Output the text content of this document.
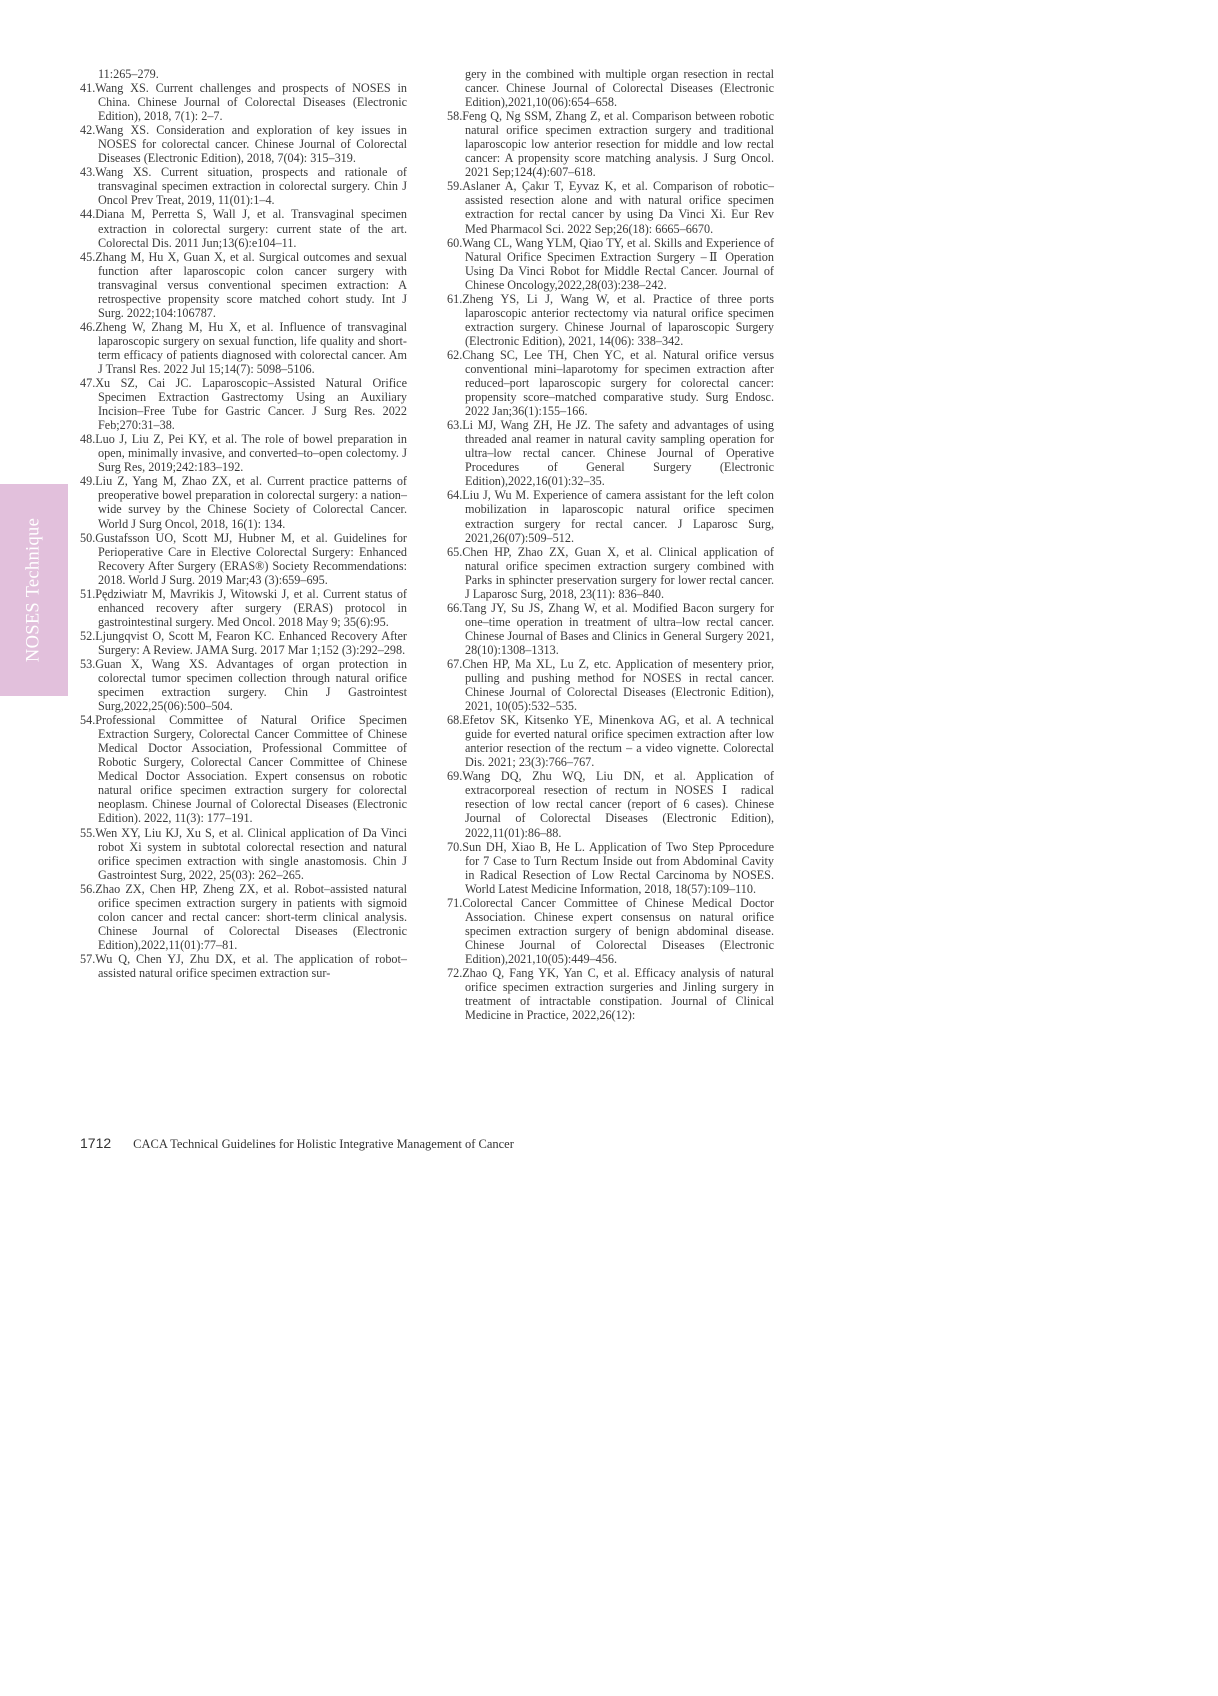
NOSES Technique

11:265–279.

41.Wang XS. Current challenges and prospects of NOSES in China. Chinese Journal of Colorectal Diseases (Electronic Edition), 2018, 7(1): 2–7.

42.Wang XS. Consideration and exploration of key issues in NOSES for colorectal cancer. Chinese Journal of Colorectal Diseases (Electronic Edition), 2018, 7(04): 315–319.

43.Wang XS. Current situation, prospects and rationale of transvaginal specimen extraction in colorectal surgery. Chin J Oncol Prev Treat, 2019, 11(01):1–4.

44.Diana M, Perretta S, Wall J, et al. Transvaginal specimen extraction in colorectal surgery: current state of the art. Colorectal Dis. 2011 Jun;13(6):e104–11.

45.Zhang M, Hu X, Guan X, et al. Surgical outcomes and sexual function after laparoscopic colon cancer surgery with transvaginal versus conventional specimen extraction: A retrospective propensity score matched cohort study. Int J Surg. 2022;104:106787.

46.Zheng W, Zhang M, Hu X, et al. Influence of transvaginal laparoscopic surgery on sexual function, life quality and short-term efficacy of patients diagnosed with colorectal cancer. Am J Transl Res. 2022 Jul 15;14(7): 5098–5106.

47.Xu SZ, Cai JC. Laparoscopic–Assisted Natural Orifice Specimen Extraction Gastrectomy Using an Auxiliary Incision–Free Tube for Gastric Cancer. J Surg Res. 2022 Feb;270:31–38.

48.Luo J, Liu Z, Pei KY, et al. The role of bowel preparation in open, minimally invasive, and converted–to–open colectomy. J Surg Res, 2019;242:183–192.

49.Liu Z, Yang M, Zhao ZX, et al. Current practice patterns of preoperative bowel preparation in colorectal surgery: a nation–wide survey by the Chinese Society of Colorectal Cancer. World J Surg Oncol, 2018, 16(1): 134.

50.Gustafsson UO, Scott MJ, Hubner M, et al. Guidelines for Perioperative Care in Elective Colorectal Surgery: Enhanced Recovery After Surgery (ERAS®) Society Recommendations: 2018. World J Surg. 2019 Mar;43 (3):659–695.

51.Pędziwiatr M, Mavrikis J, Witowski J, et al. Current status of enhanced recovery after surgery (ERAS) protocol in gastrointestinal surgery. Med Oncol. 2018 May 9; 35(6):95.

52.Ljungqvist O, Scott M, Fearon KC. Enhanced Recovery After Surgery: A Review. JAMA Surg. 2017 Mar 1;152 (3):292–298.

53.Guan X, Wang XS. Advantages of organ protection in colorectal tumor specimen collection through natural orifice specimen extraction surgery. Chin J Gastrointest Surg,2022,25(06):500–504.

54.Professional Committee of Natural Orifice Specimen Extraction Surgery, Colorectal Cancer Committee of Chinese Medical Doctor Association, Professional Committee of Robotic Surgery, Colorectal Cancer Committee of Chinese Medical Doctor Association. Expert consensus on robotic natural orifice specimen extraction surgery for colorectal neoplasm. Chinese Journal of Colorectal Diseases (Electronic Edition). 2022, 11(3): 177–191.

55.Wen XY, Liu KJ, Xu S, et al. Clinical application of Da Vinci robot Xi system in subtotal colorectal resection and natural orifice specimen extraction with single anastomosis. Chin J Gastrointest Surg, 2022, 25(03): 262–265.

56.Zhao ZX, Chen HP, Zheng ZX, et al. Robot–assisted natural orifice specimen extraction surgery in patients with sigmoid colon cancer and rectal cancer: short-term clinical analysis. Chinese Journal of Colorectal Diseases (Electronic Edition),2022,11(01):77–81.

57.Wu Q, Chen YJ, Zhu DX, et al. The application of robot–assisted natural orifice specimen extraction sur-

gery in the combined with multiple organ resection in rectal cancer. Chinese Journal of Colorectal Diseases (Electronic Edition),2021,10(06):654–658.

58.Feng Q, Ng SSM, Zhang Z, et al. Comparison between robotic natural orifice specimen extraction surgery and traditional laparoscopic low anterior resection for middle and low rectal cancer: A propensity score matching analysis. J Surg Oncol. 2021 Sep;124(4):607–618.

59.Aslaner A, Çakır T, Eyvaz K, et al. Comparison of robotic–assisted resection alone and with natural orifice specimen extraction for rectal cancer by using Da Vinci Xi. Eur Rev Med Pharmacol Sci. 2022 Sep;26(18): 6665–6670.

60.Wang CL, Wang YLM, Qiao TY, et al. Skills and Experience of Natural Orifice Specimen Extraction Surgery –Ⅱ Operation Using Da Vinci Robot for Middle Rectal Cancer. Journal of Chinese Oncology,2022,28(03):238–242.

61.Zheng YS, Li J, Wang W, et al. Practice of three ports laparoscopic anterior rectectomy via natural orifice specimen extraction surgery. Chinese Journal of laparoscopic Surgery (Electronic Edition), 2021, 14(06): 338–342.

62.Chang SC, Lee TH, Chen YC, et al. Natural orifice versus conventional mini–laparotomy for specimen extraction after reduced–port laparoscopic surgery for colorectal cancer: propensity score–matched comparative study. Surg Endosc. 2022 Jan;36(1):155–166.

63.Li MJ, Wang ZH, He JZ. The safety and advantages of using threaded anal reamer in natural cavity sampling operation for ultra–low rectal cancer. Chinese Journal of Operative Procedures of General Surgery (Electronic Edition),2022,16(01):32–35.

64.Liu J, Wu M. Experience of camera assistant for the left colon mobilization in laparoscopic natural orifice specimen extraction surgery for rectal cancer. J Laparosc Surg, 2021,26(07):509–512.

65.Chen HP, Zhao ZX, Guan X, et al. Clinical application of natural orifice specimen extraction surgery combined with Parks in sphincter preservation surgery for lower rectal cancer. J Laparosc Surg, 2018, 23(11): 836–840.

66.Tang JY, Su JS, Zhang W, et al. Modified Bacon surgery for one–time operation in treatment of ultra–low rectal cancer. Chinese Journal of Bases and Clinics in General Surgery 2021, 28(10):1308–1313.

67.Chen HP, Ma XL, Lu Z, etc. Application of mesentery prior, pulling and pushing method for NOSES in rectal cancer. Chinese Journal of Colorectal Diseases (Electronic Edition), 2021, 10(05):532–535.

68.Efetov SK, Kitsenko YE, Minenkova AG, et al. A technical guide for everted natural orifice specimen extraction after low anterior resection of the rectum – a video vignette. Colorectal Dis. 2021; 23(3):766–767.

69.Wang DQ, Zhu WQ, Liu DN, et al. Application of extracorporeal resection of rectum in NOSES Ⅰ radical resection of low rectal cancer (report of 6 cases). Chinese Journal of Colorectal Diseases (Electronic Edition), 2022,11(01):86–88.

70.Sun DH, Xiao B, He L. Application of Two Step Pprocedure for 7 Case to Turn Rectum Inside out from Abdominal Cavity in Radical Resection of Low Rectal Carcinoma by NOSES. World Latest Medicine Information, 2018, 18(57):109–110.

71.Colorectal Cancer Committee of Chinese Medical Doctor Association. Chinese expert consensus on natural orifice specimen extraction surgery of benign abdominal disease. Chinese Journal of Colorectal Diseases (Electronic Edition),2021,10(05):449–456.

72.Zhao Q, Fang YK, Yan C, et al. Efficacy analysis of natural orifice specimen extraction surgeries and Jinling surgery in treatment of intractable constipation. Journal of Clinical Medicine in Practice, 2022,26(12):

1712 CACA Technical Guidelines for Holistic Integrative Management of Cancer
